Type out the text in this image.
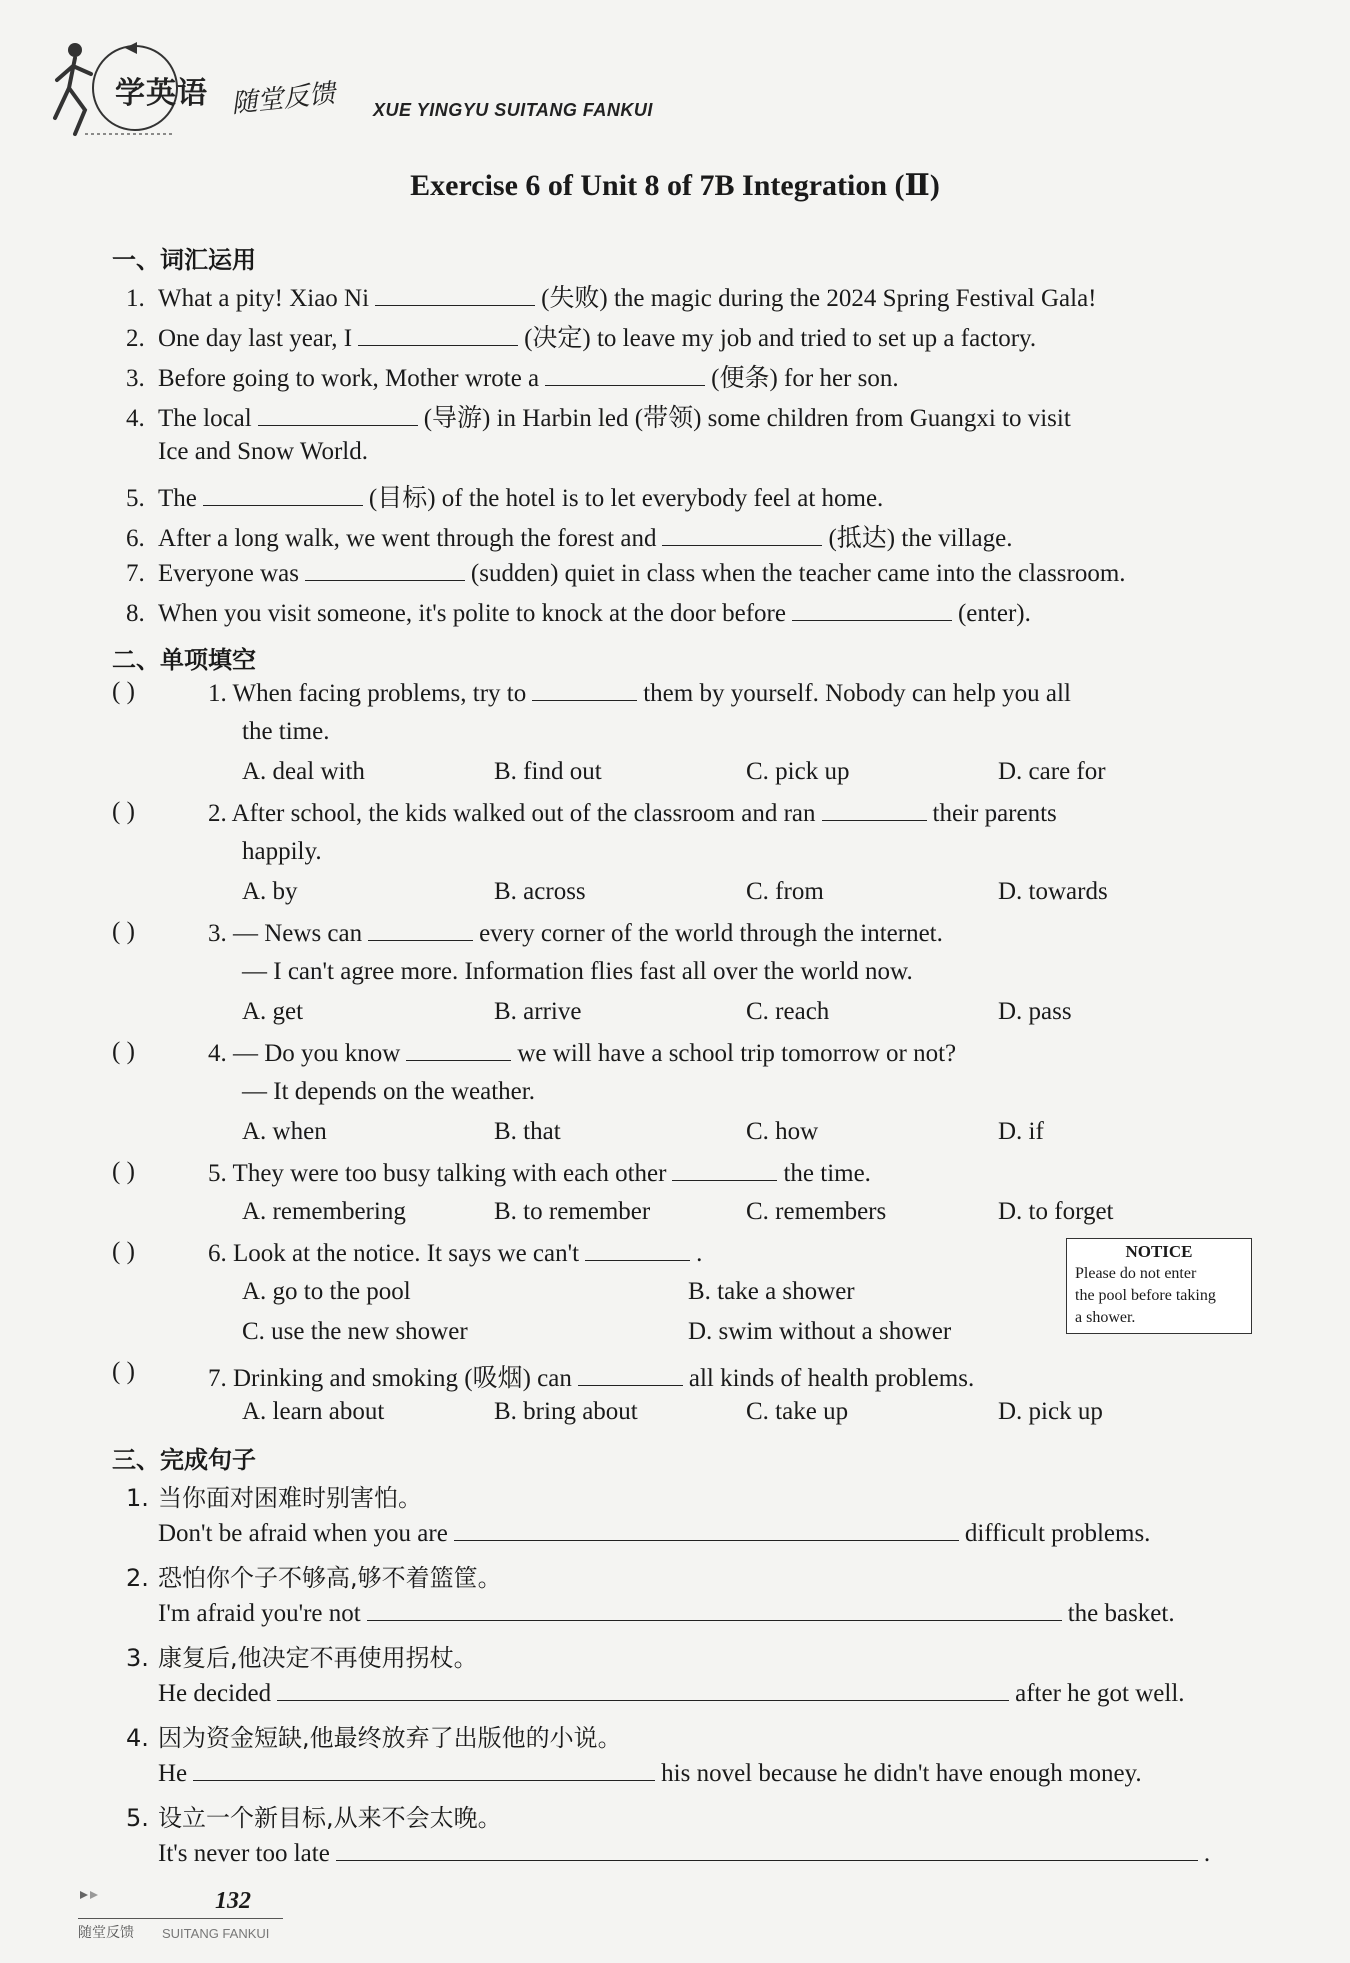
学英语 随堂反馈 XUE YINGYU SUITANG FANKUI
Exercise 6 of Unit 8 of 7B Integration (Ⅱ)
一、词汇运用
1. What a pity! Xiao Ni	(失败) the magic during the 2024 Spring Festival Gala!
2. One day last year, I	(决定) to leave my job and tried to set up a factory.
3. Before going to work, Mother wrote a	(便条) for her son.
4. The local	(导游) in Harbin led (带领) some children from Guangxi to visit
Ice and Snow World.
5. The	(目标) of the hotel is to let everybody feel at home.
6. After a long walk, we went through the forest and	(抵达) the village.
7. Everyone was	(sudden) quiet in class when the teacher came into the classroom.
8. When you visit someone, it's polite to knock at the door before	(enter).
二、单项填空
( )	1. When facing problems, try to	them by yourself. Nobody can help you all
the time.
A. deal with	B. find out	C. pick up	D. care for
( )	2. After school, the kids walked out of the classroom and ran	their parents
happily.
A. by	B. across	C. from	D. towards
( )	3. — News can	every corner of the world through the internet.
— I can't agree more. Information flies fast all over the world now.
A. get	B. arrive	C. reach	D. pass
( )	4. — Do you know	we will have a school trip tomorrow or not?
— It depends on the weather.
A. when	B. that	C. how	D. if
( )	5. They were too busy talking with each other	the time.
A. remembering	B. to remember	C. remembers	D. to forget
( )	6. Look at the notice. It says we can't	.
A. go to the pool	B. take a shower
C. use the new shower	D. swim without a shower
NOTICE
Please do not enter
the pool before taking
a shower.
( )	7. Drinking and smoking (吸烟) can	all kinds of health problems.
A. learn about	B. bring about	C. take up	D. pick up
三、完成句子
1. 当你面对困难时别害怕。
Don't be afraid when you are	difficult problems.
2. 恐怕你个子不够高,够不着篮筐。
I'm afraid you're not	the basket.
3. 康复后,他决定不再使用拐杖。
He decided	after he got well.
4. 因为资金短缺,他最终放弃了出版他的小说。
He	his novel because he didn't have enough money.
5. 设立一个新目标,从来不会太晚。
It's never too late	.
132
随堂反馈 SUITANG FANKUI
